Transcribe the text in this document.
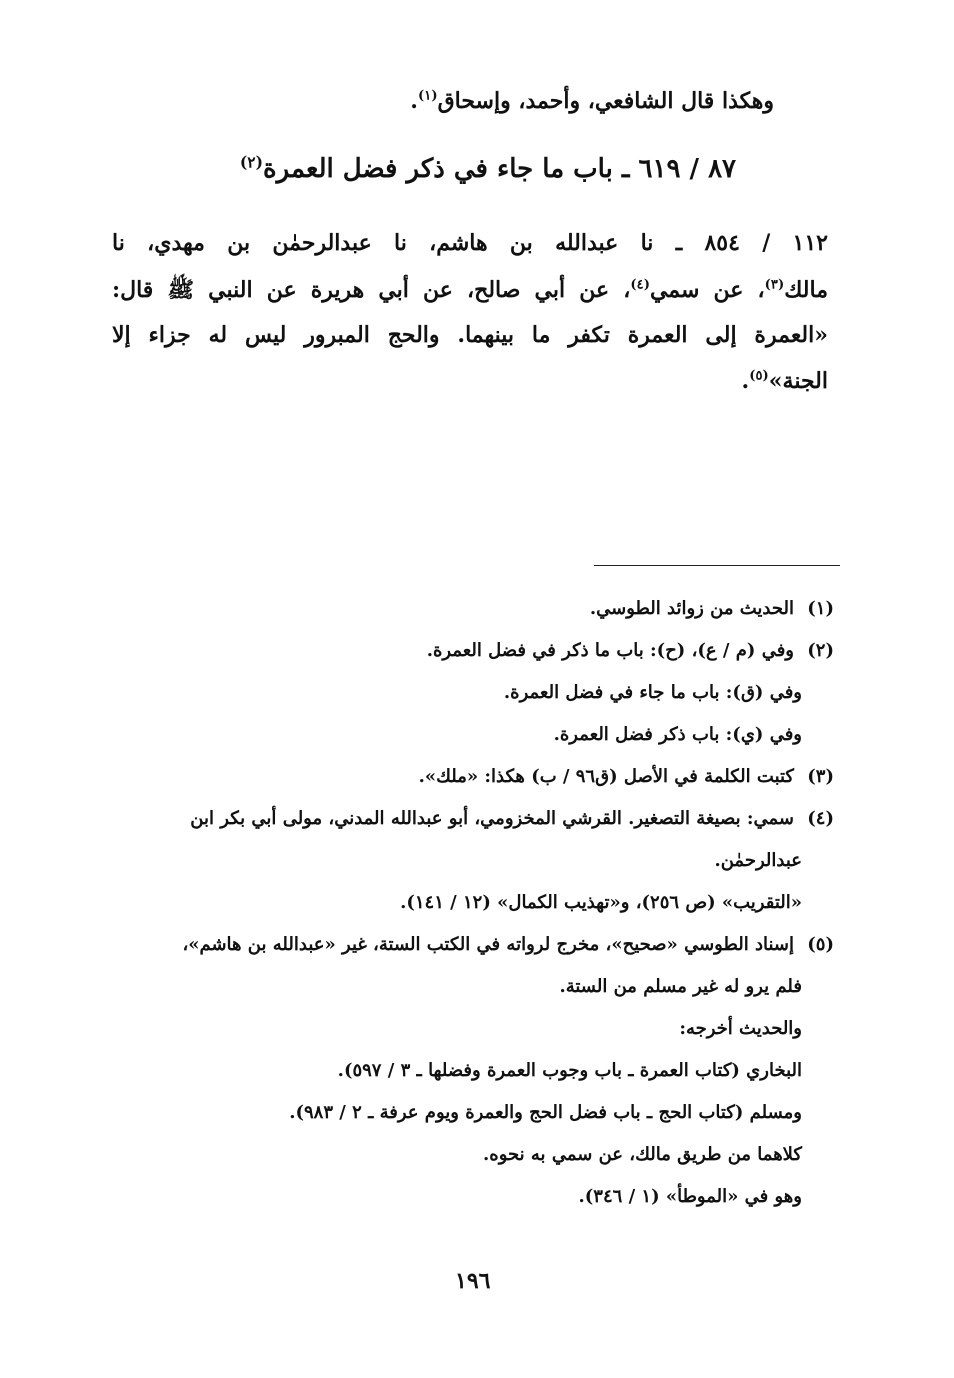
وهكذا قال الشافعي، وأحمد، وإسحاق$^{(١)}$.
٨٧ / ٦١٩ ـ باب ما جاء في ذكر فضل العمرة$^{(٢)}$
١١٢ / ٨٥٤ ـ نا عبدالله بن هاشم، نا عبدالرحمٰن بن مهدي، نا
مالك$^{(٣)}$، عن سمي$^{(٤)}$، عن أبي صالح، عن أبي هريرة عن النبي ﷺ قال:
«العمرة إلى العمرة تكفر ما بينهما. والحج المبرور ليس له جزاء إلا
الجنة»$^{(٥)}$.
(١)الحديث من زوائد الطوسي.
(٢)وفي (م / ع)، (ح): باب ما ذكر في فضل العمرة.
وفي (ق): باب ما جاء في فضل العمرة.
وفي (ي): باب ذكر فضل العمرة.
(٣)كتبت الكلمة في الأصل (ق٩٦ / ب) هكذا: «ملك».
(٤)سمي: بصيغة التصغير. القرشي المخزومي، أبو عبدالله المدني، مولى أبي بكر ابن
عبدالرحمٰن.
«التقريب» (ص ٢٥٦)، و«تهذيب الكمال» (١٢ / ١٤١).
(٥)إسناد الطوسي «صحيح»، مخرج لرواته في الكتب الستة، غير «عبدالله بن هاشم»،
فلم يرو له غير مسلم من الستة.
والحديث أخرجه:
البخاري (كتاب العمرة ـ باب وجوب العمرة وفضلها ـ ٣ / ٥٩٧).
ومسلم (كتاب الحج ـ باب فضل الحج والعمرة ويوم عرفة ـ ٢ / ٩٨٣).
كلاهما من طريق مالك، عن سمي به نحوه.
وهو في «الموطأ» (١ / ٣٤٦).
١٩٦
